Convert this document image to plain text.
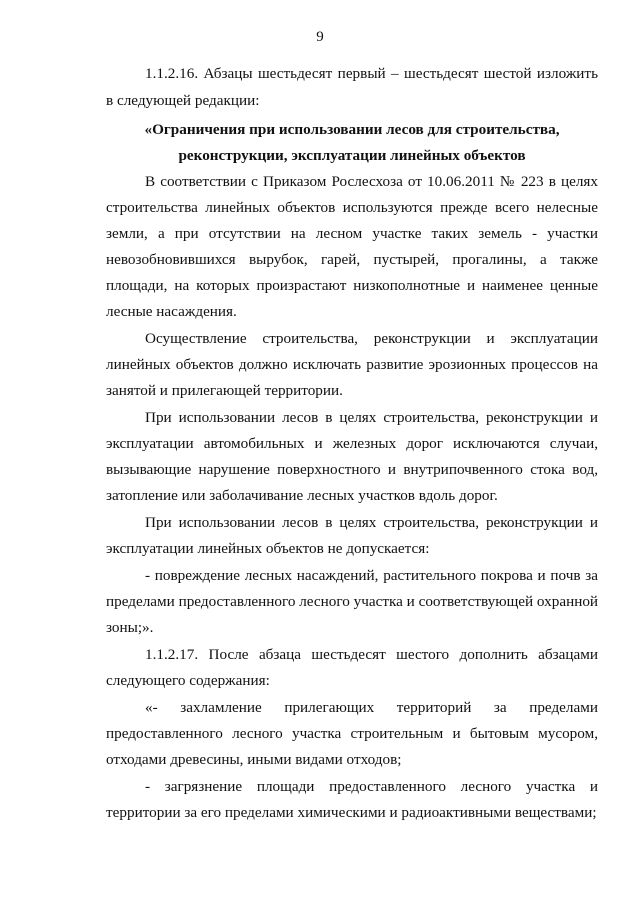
9
1.1.2.16. Абзацы шестьдесят первый – шестьдесят шестой изложить
в следующей редакции:
«Ограничения при использовании лесов для строительства,
реконструкции, эксплуатации линейных объектов
В соответствии с Приказом Рослесхоза от 10.06.2011 № 223 в целях
строительства линейных объектов используются прежде всего нелесные
земли, а при отсутствии на лесном участке таких земель - участки
невозобновившихся вырубок, гарей, пустырей, прогалины, а также
площади, на которых произрастают низкополнотные и наименее ценные
лесные насаждения.
Осуществление строительства, реконструкции и эксплуатации
линейных объектов должно исключать развитие эрозионных процессов на
занятой и прилегающей территории.
При использовании лесов в целях строительства, реконструкции и
эксплуатации автомобильных и железных дорог исключаются случаи,
вызывающие нарушение поверхностного и внутрипочвенного стока вод,
затопление или заболачивание лесных участков вдоль дорог.
При использовании лесов в целях строительства, реконструкции и
эксплуатации линейных объектов не допускается:
- повреждение лесных насаждений, растительного покрова и почв за
пределами предоставленного лесного участка и соответствующей охранной
зоны;».
1.1.2.17. После абзаца шестьдесят шестого дополнить абзацами
следующего содержания:
«- захламление прилегающих территорий за пределами
предоставленного лесного участка строительным и бытовым мусором,
отходами древесины, иными видами отходов;
- загрязнение площади предоставленного лесного участка и
территории за его пределами химическими и радиоактивными веществами;
